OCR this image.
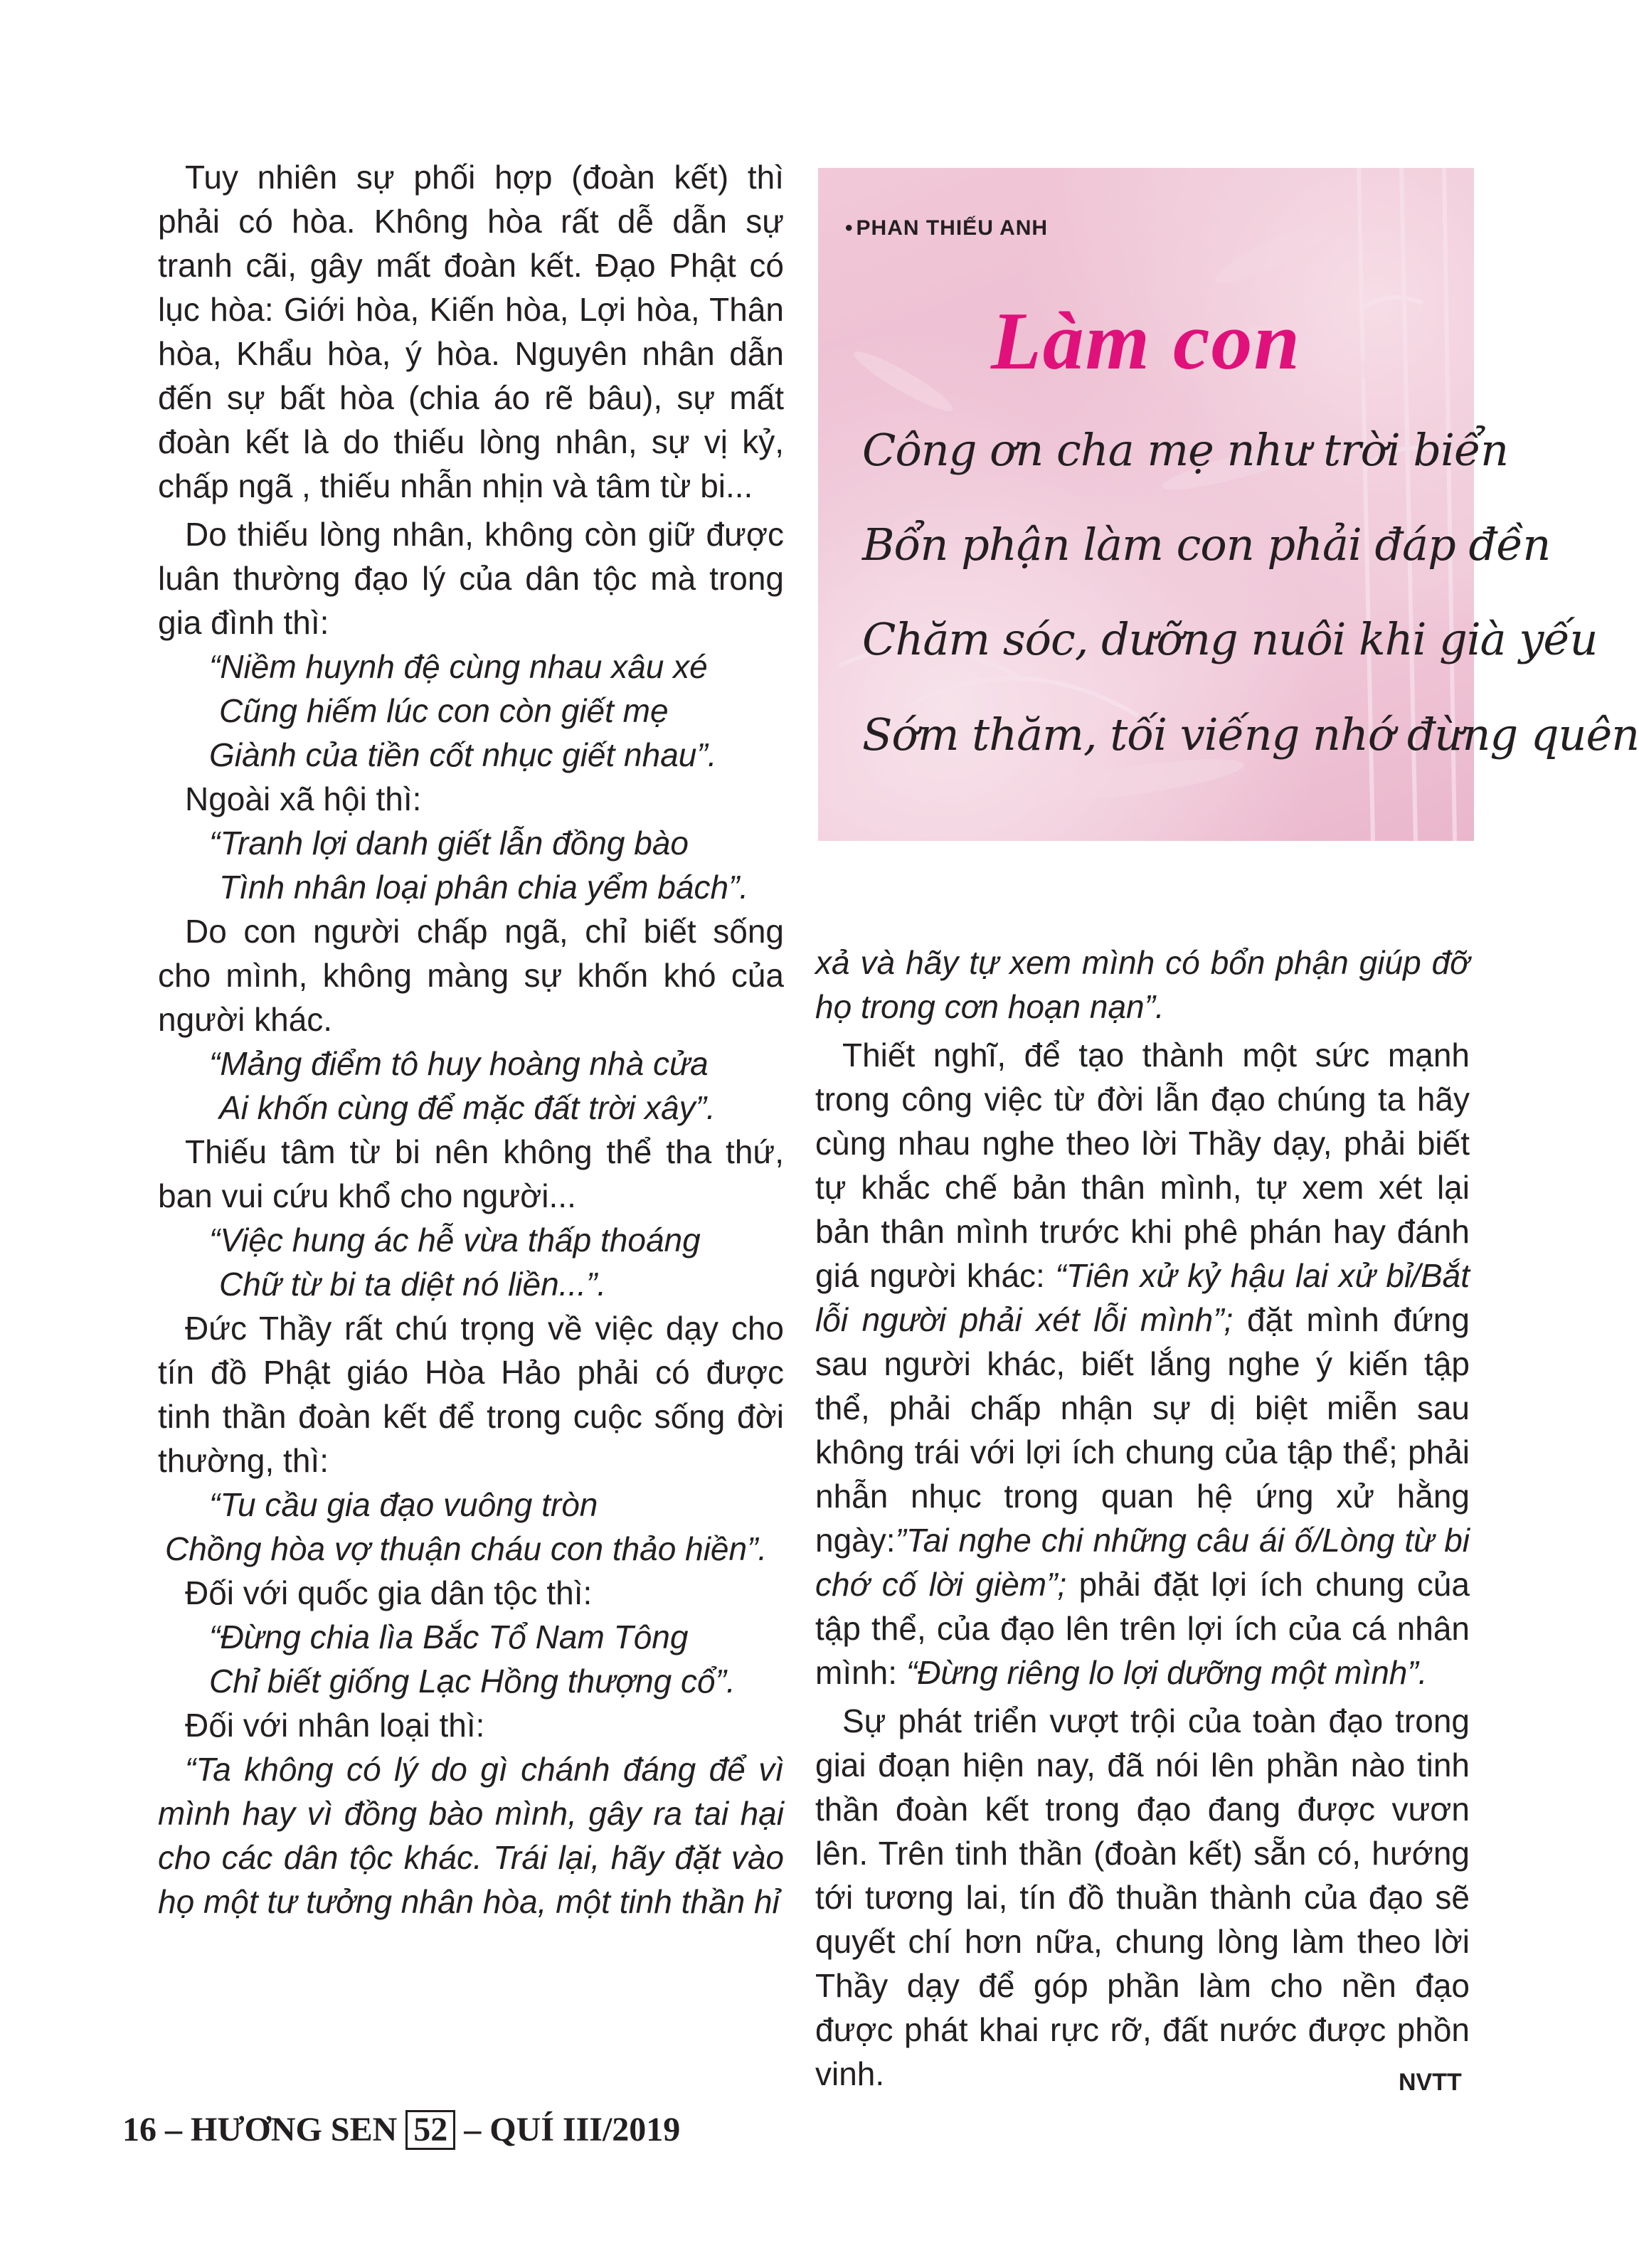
Tuy nhiên sự phối hợp (đoàn kết) thì phải có hòa. Không hòa rất dễ dẫn sự tranh cãi, gây mất đoàn kết. Đạo Phật có lục hòa: Giới hòa, Kiến hòa, Lợi hòa, Thân hòa, Khẩu hòa, ý hòa. Nguyên nhân dẫn đến sự bất hòa (chia áo rẽ bâu), sự mất đoàn kết là do thiếu lòng nhân, sự vị kỷ, chấp ngã , thiếu nhẫn nhịn và tâm từ bi...

Do thiếu lòng nhân, không còn giữ được luân thường đạo lý của dân tộc mà trong gia đình thì:

“Niềm huynh đệ cùng nhau xâu xé

Cũng hiếm lúc con còn giết mẹ

Giành của tiền cốt nhục giết nhau”.

Ngoài xã hội thì:

“Tranh lợi danh giết lẫn đồng bào

Tình nhân loại phân chia yểm bách”.

Do con người chấp ngã, chỉ biết sống cho mình, không màng sự khốn khó của người khác.

“Mảng điểm tô huy hoàng nhà cửa

Ai khốn cùng để mặc đất trời xây”.

Thiếu tâm từ bi nên không thể tha thứ, ban vui cứu khổ cho người...

“Việc hung ác hễ vừa thấp thoáng

Chữ từ bi ta diệt nó liền...”.

Đức Thầy rất chú trọng về việc dạy cho tín đồ Phật giáo Hòa Hảo phải có được tinh thần đoàn kết để trong cuộc sống đời thường, thì:

“Tu cầu gia đạo vuông tròn

Chồng hòa vợ thuận cháu con thảo hiền”.

Đối với quốc gia dân tộc thì:

“Đừng chia lìa Bắc Tổ Nam Tông

Chỉ biết giống Lạc Hồng thượng cổ”.

Đối với nhân loại thì:

“Ta không có lý do gì chánh đáng để vì mình hay vì đồng bào mình, gây ra tai hại cho các dân tộc khác. Trái lại, hãy đặt vào họ một tư tưởng nhân hòa, một tinh thần hỉ

• PHAN THIẾU ANH
Làm con
Công ơn cha mẹ như trời biển
Bổn phận làm con phải đáp đền
Chăm sóc, dưỡng nuôi khi già yếu
Sớm thăm, tối viếng nhớ đừng quên

xả và hãy tự xem mình có bổn phận giúp đỡ họ trong cơn hoạn nạn”.

Thiết nghĩ, để tạo thành một sức mạnh trong công việc từ đời lẫn đạo chúng ta hãy cùng nhau nghe theo lời Thầy dạy, phải biết tự khắc chế bản thân mình, tự xem xét lại bản thân mình trước khi phê phán hay đánh giá người khác: “Tiên xử kỷ hậu lai xử bỉ/Bắt lỗi người phải xét lỗi mình”; đặt mình đứng sau người khác, biết lắng nghe ý kiến tập thể, phải chấp nhận sự dị biệt miễn sau không trái với lợi ích chung của tập thể; phải nhẫn nhục trong quan hệ ứng xử hằng ngày:”Tai nghe chi những câu ái ố/Lòng từ bi chớ cố lời gièm”; phải đặt lợi ích chung của tập thể, của đạo lên trên lợi ích của cá nhân mình: “Đừng riêng lo lợi dưỡng một mình”.

Sự phát triển vượt trội của toàn đạo trong giai đoạn hiện nay, đã nói lên phần nào tinh thần đoàn kết trong đạo đang được vươn lên. Trên tinh thần (đoàn kết) sẵn có, hướng tới tương lai, tín đồ thuần thành của đạo sẽ quyết chí hơn nữa, chung lòng làm theo lời Thầy dạy để góp phần làm cho nền đạo được phát khai rực rỡ, đất nước được phồn vinh.	NVTT
16 – HƯƠNG SEN 52 – QUÍ III/2019
